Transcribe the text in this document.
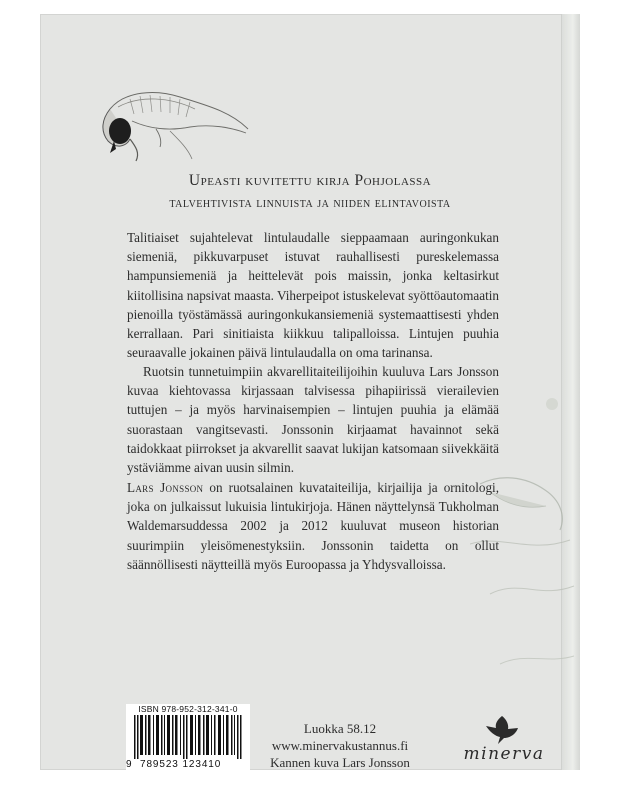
Upeasti kuvitettu kirja Pohjolassa
talvehtivista linnuista ja niiden elintavoista

Talitiaiset sujahtelevat lintulaudalle sieppaamaan auringonkukan siemeniä, pikkuvarpuset istuvat rauhallisesti pureskelemassa hampunsiemeniä ja heittelevät pois maissin, jonka keltasirkut kiitollisina napsivat maasta. Viherpeipot istuskelevat syöttöautomaatin pienoilla työstämässä auringonkukansiemeniä systemaattisesti yhden kerrallaan. Pari sinitiaista kiikkuu talipalloissa. Lintujen puuhia seuraavalle jokainen päivä lintulaudalla on oma tarinansa.

Ruotsin tunnetuimpiin akvarellitaiteilijoihin kuuluva Lars Jonsson kuvaa kiehtovassa kirjassaan talvisessa pihapiirissä vierailevien tuttujen – ja myös harvinaisempien – lintujen puuhia ja elämää suorastaan vangitsevasti. Jonssonin kirjaamat havainnot sekä taidokkaat piirrokset ja akvarellit saavat lukijan katsomaan siivekkäitä ystäviämme aivan uusin silmin.

Lars Jonsson on ruotsalainen kuvataiteilija, kirjailija ja ornitologi, joka on julkaissut lukuisia lintukirjoja. Hänen näyttelynsä Tukholman Waldemarsuddessa 2002 ja 2012 kuuluvat museon historian suurimpiin yleisömenestyksiin. Jonssonin taidetta on ollut säännöllisesti näytteillä myös Euroopassa ja Yhdysvalloissa.

ISBN 978-952-312-341-0
9 789523 123410
Luokka 58.12
www.minervakustannus.fi
Kannen kuva Lars Jonsson	minerva
